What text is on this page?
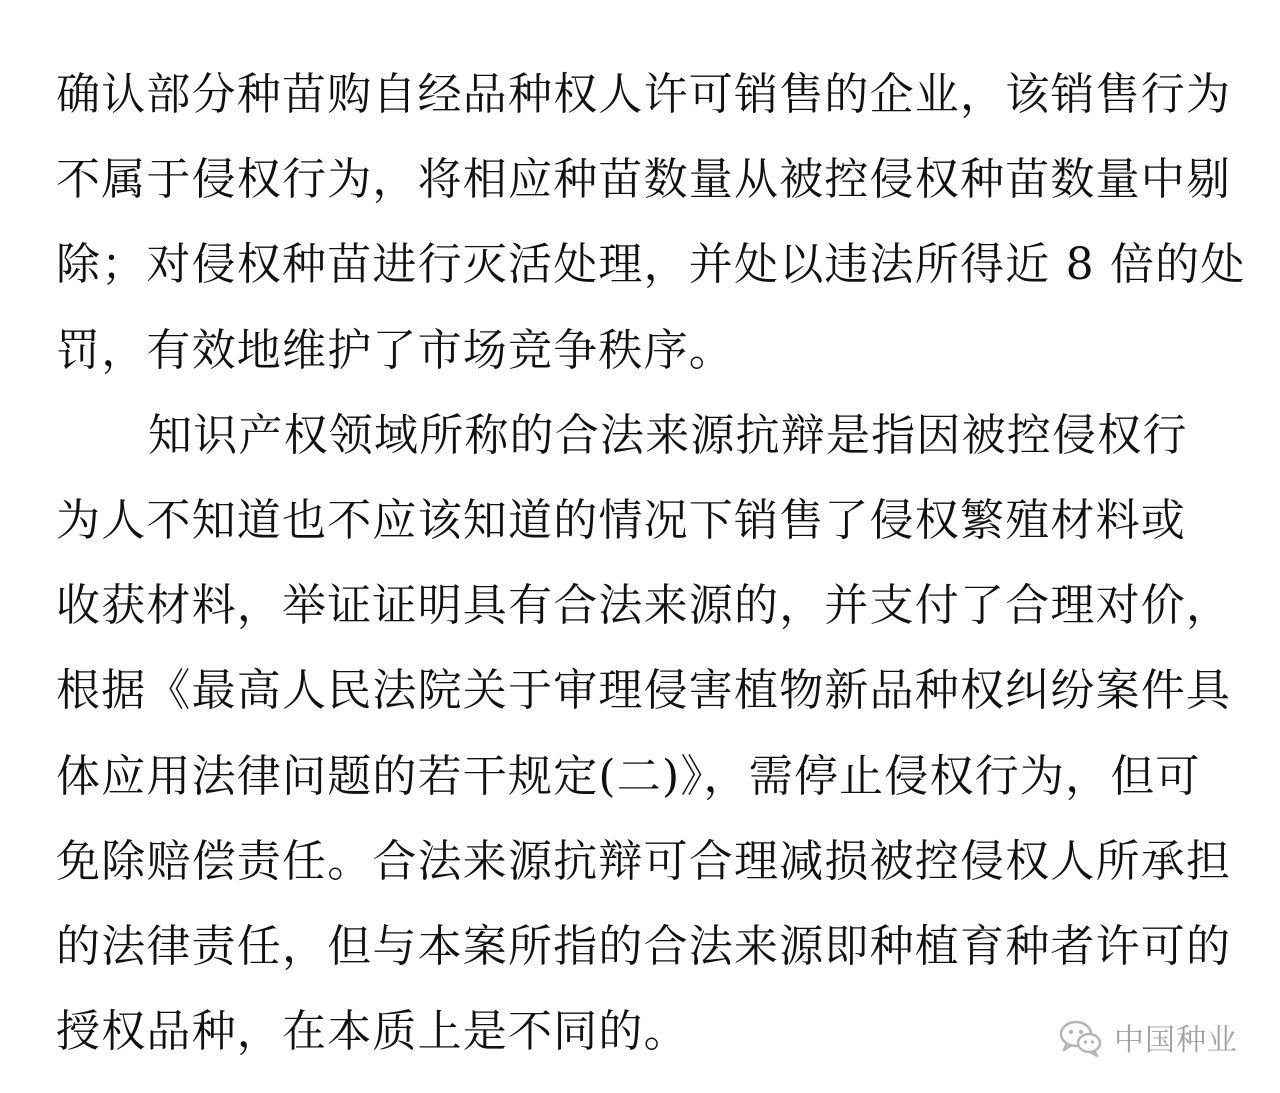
确认部分种苗购自经品种权人许可销售的企业，该销售行为
不属于侵权行为，将相应种苗数量从被控侵权种苗数量中剔
除；对侵权种苗进行灭活处理，并处以违法所得近 8 倍的处
罚，有效地维护了市场竞争秩序。
知识产权领域所称的合法来源抗辩是指因被控侵权行
为人不知道也不应该知道的情况下销售了侵权繁殖材料或
收获材料，举证证明具有合法来源的，并支付了合理对价，
根据《最高人民法院关于审理侵害植物新品种权纠纷案件具
体应用法律问题的若干规定(二)》，需停止侵权行为，但可
免除赔偿责任。合法来源抗辩可合理减损被控侵权人所承担
的法律责任，但与本案所指的合法来源即种植育种者许可的
授权品种，在本质上是不同的。	中国种业
